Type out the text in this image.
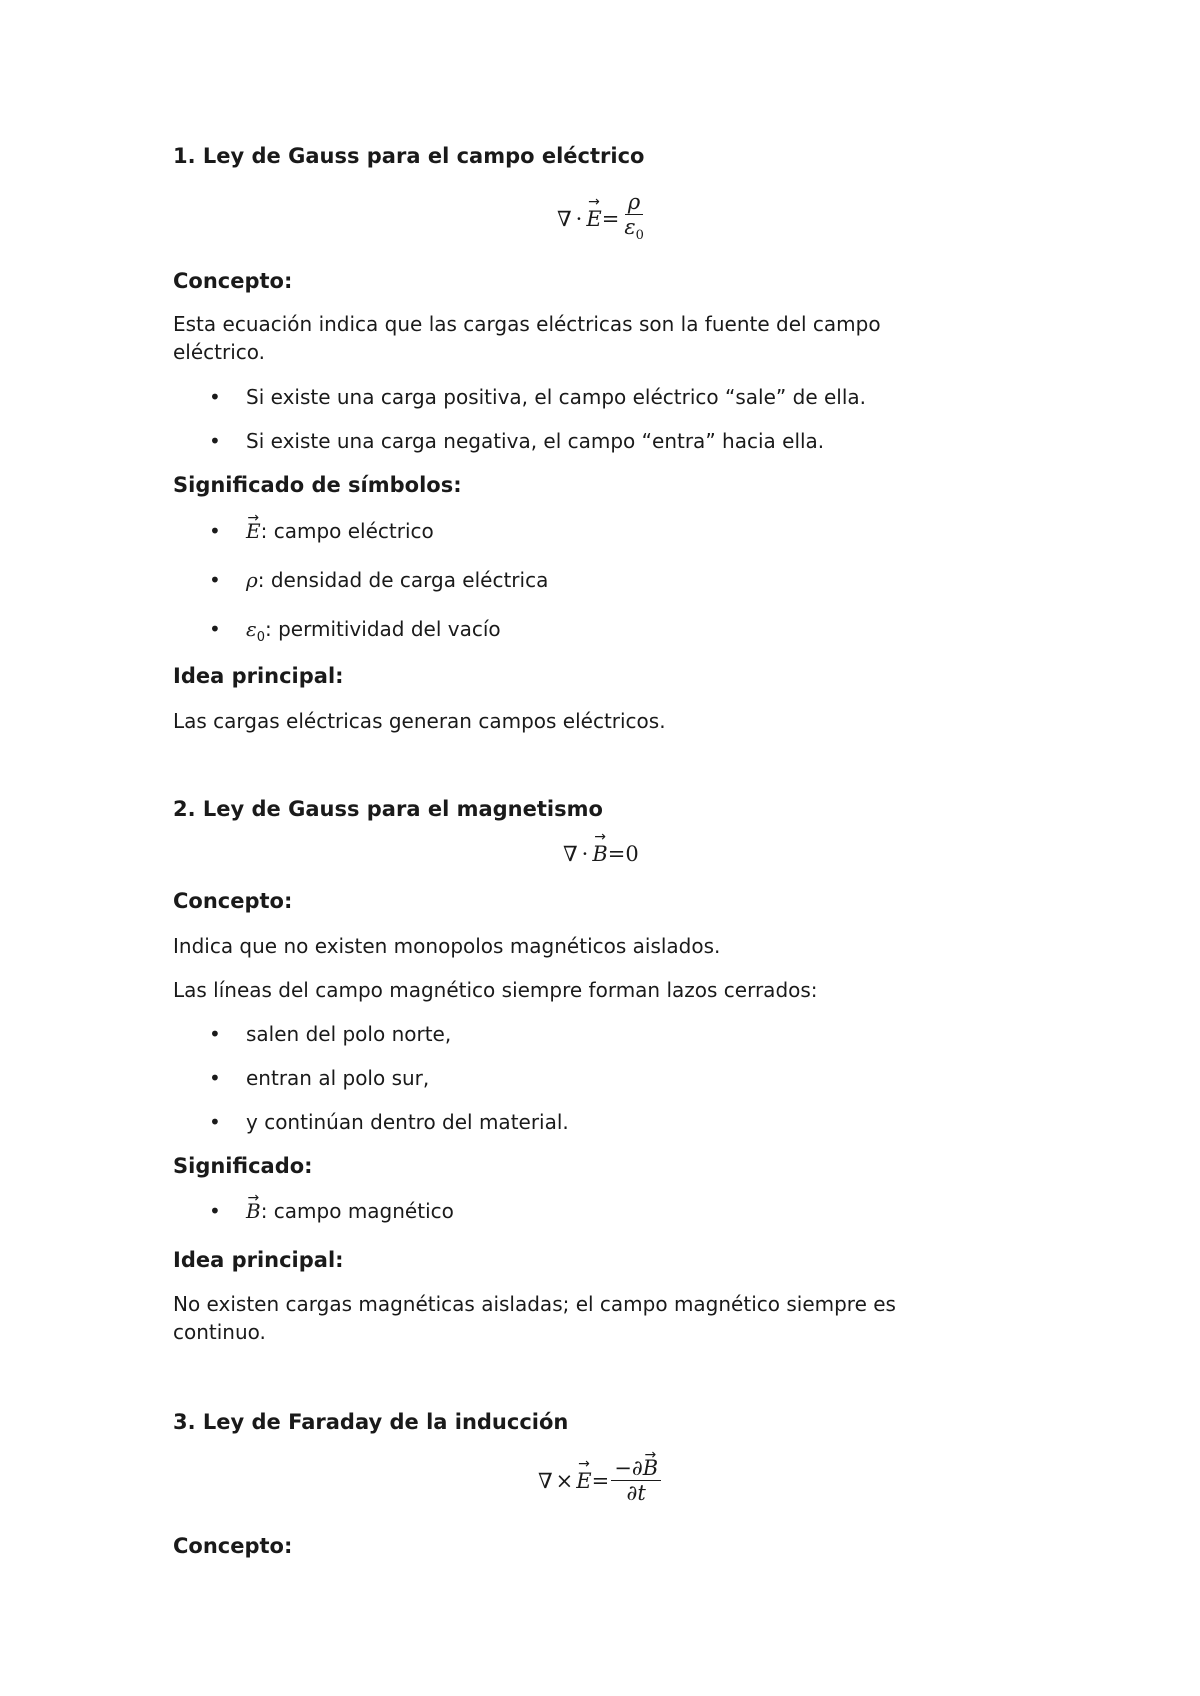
1. Ley de Gauss para el campo eléctrico
∇ · → $E = \frac{\rho}{\varepsilon_0}$
Concepto:
Esta ecuación indica que las cargas eléctricas son la fuente del campo
eléctrico.
• Si existe una carga positiva, el campo eléctrico “sale” de ella.
• Si existe una carga negativa, el campo “entra” hacia ella.
Significado de símbolos:
• → E: campo eléctrico
• ρ: densidad de carga eléctrica
• $\varepsilon_0$: permitividad del vacío
Idea principal:
Las cargas eléctricas generan campos eléctricos.
2. Ley de Gauss para el magnetismo
∇ · → B = 0
Concepto:
Indica que no existen monopolos magnéticos aislados.
Las líneas del campo magnético siempre forman lazos cerrados:
• salen del polo norte,
• entran al polo sur,
• y continúan dentro del material.
Significado:
• → B: campo magnético
Idea principal:
No existen cargas magnéticas aisladas; el campo magnético siempre es
continuo.
3. Ley de Faraday de la inducción
∇ × → $E = \frac{-\partial\to B}{\partial t}$
Concepto:
